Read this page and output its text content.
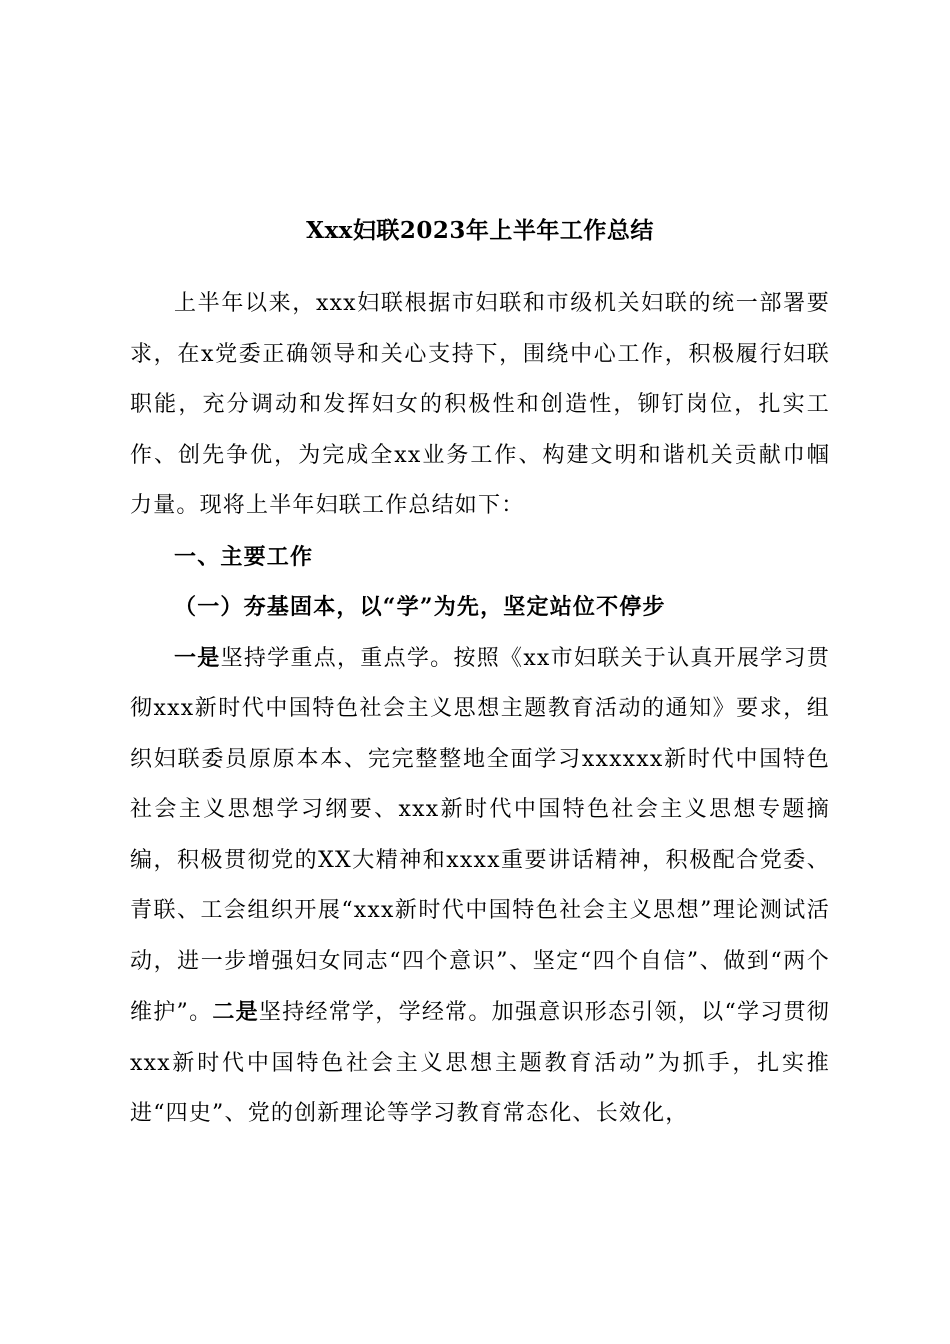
Xxx妇联2023年上半年工作总结

上半年以来，xxx妇联根据市妇联和市级机关妇联的统一部署要求，在x党委正确领导和关心支持下，围绕中心工作，积极履行妇联职能，充分调动和发挥妇女的积极性和创造性，铆钉岗位，扎实工作、创先争优，为完成全xx业务工作、构建文明和谐机关贡献巾帼力量。现将上半年妇联工作总结如下：

一、主要工作

（一）夯基固本，以“学”为先，坚定站位不停步

一是坚持学重点，重点学。按照《xx市妇联关于认真开展学习贯彻xxx新时代中国特色社会主义思想主题教育活动的通知》要求，组织妇联委员原原本本、完完整整地全面学习xxxxxx新时代中国特色社会主义思想学习纲要、xxx新时代中国特色社会主义思想专题摘编，积极贯彻党的XX大精神和xxxx重要讲话精神，积极配合党委、青联、工会组织开展“xxx新时代中国特色社会主义思想”理论测试活动，进一步增强妇女同志“四个意识”、坚定“四个自信”、做到“两个维护”。二是坚持经常学，学经常。加强意识形态引领，以“学习贯彻xxx新时代中国特色社会主义思想主题教育活动”为抓手，扎实推进“四史”、党的创新理论等学习教育常态化、长效化，
